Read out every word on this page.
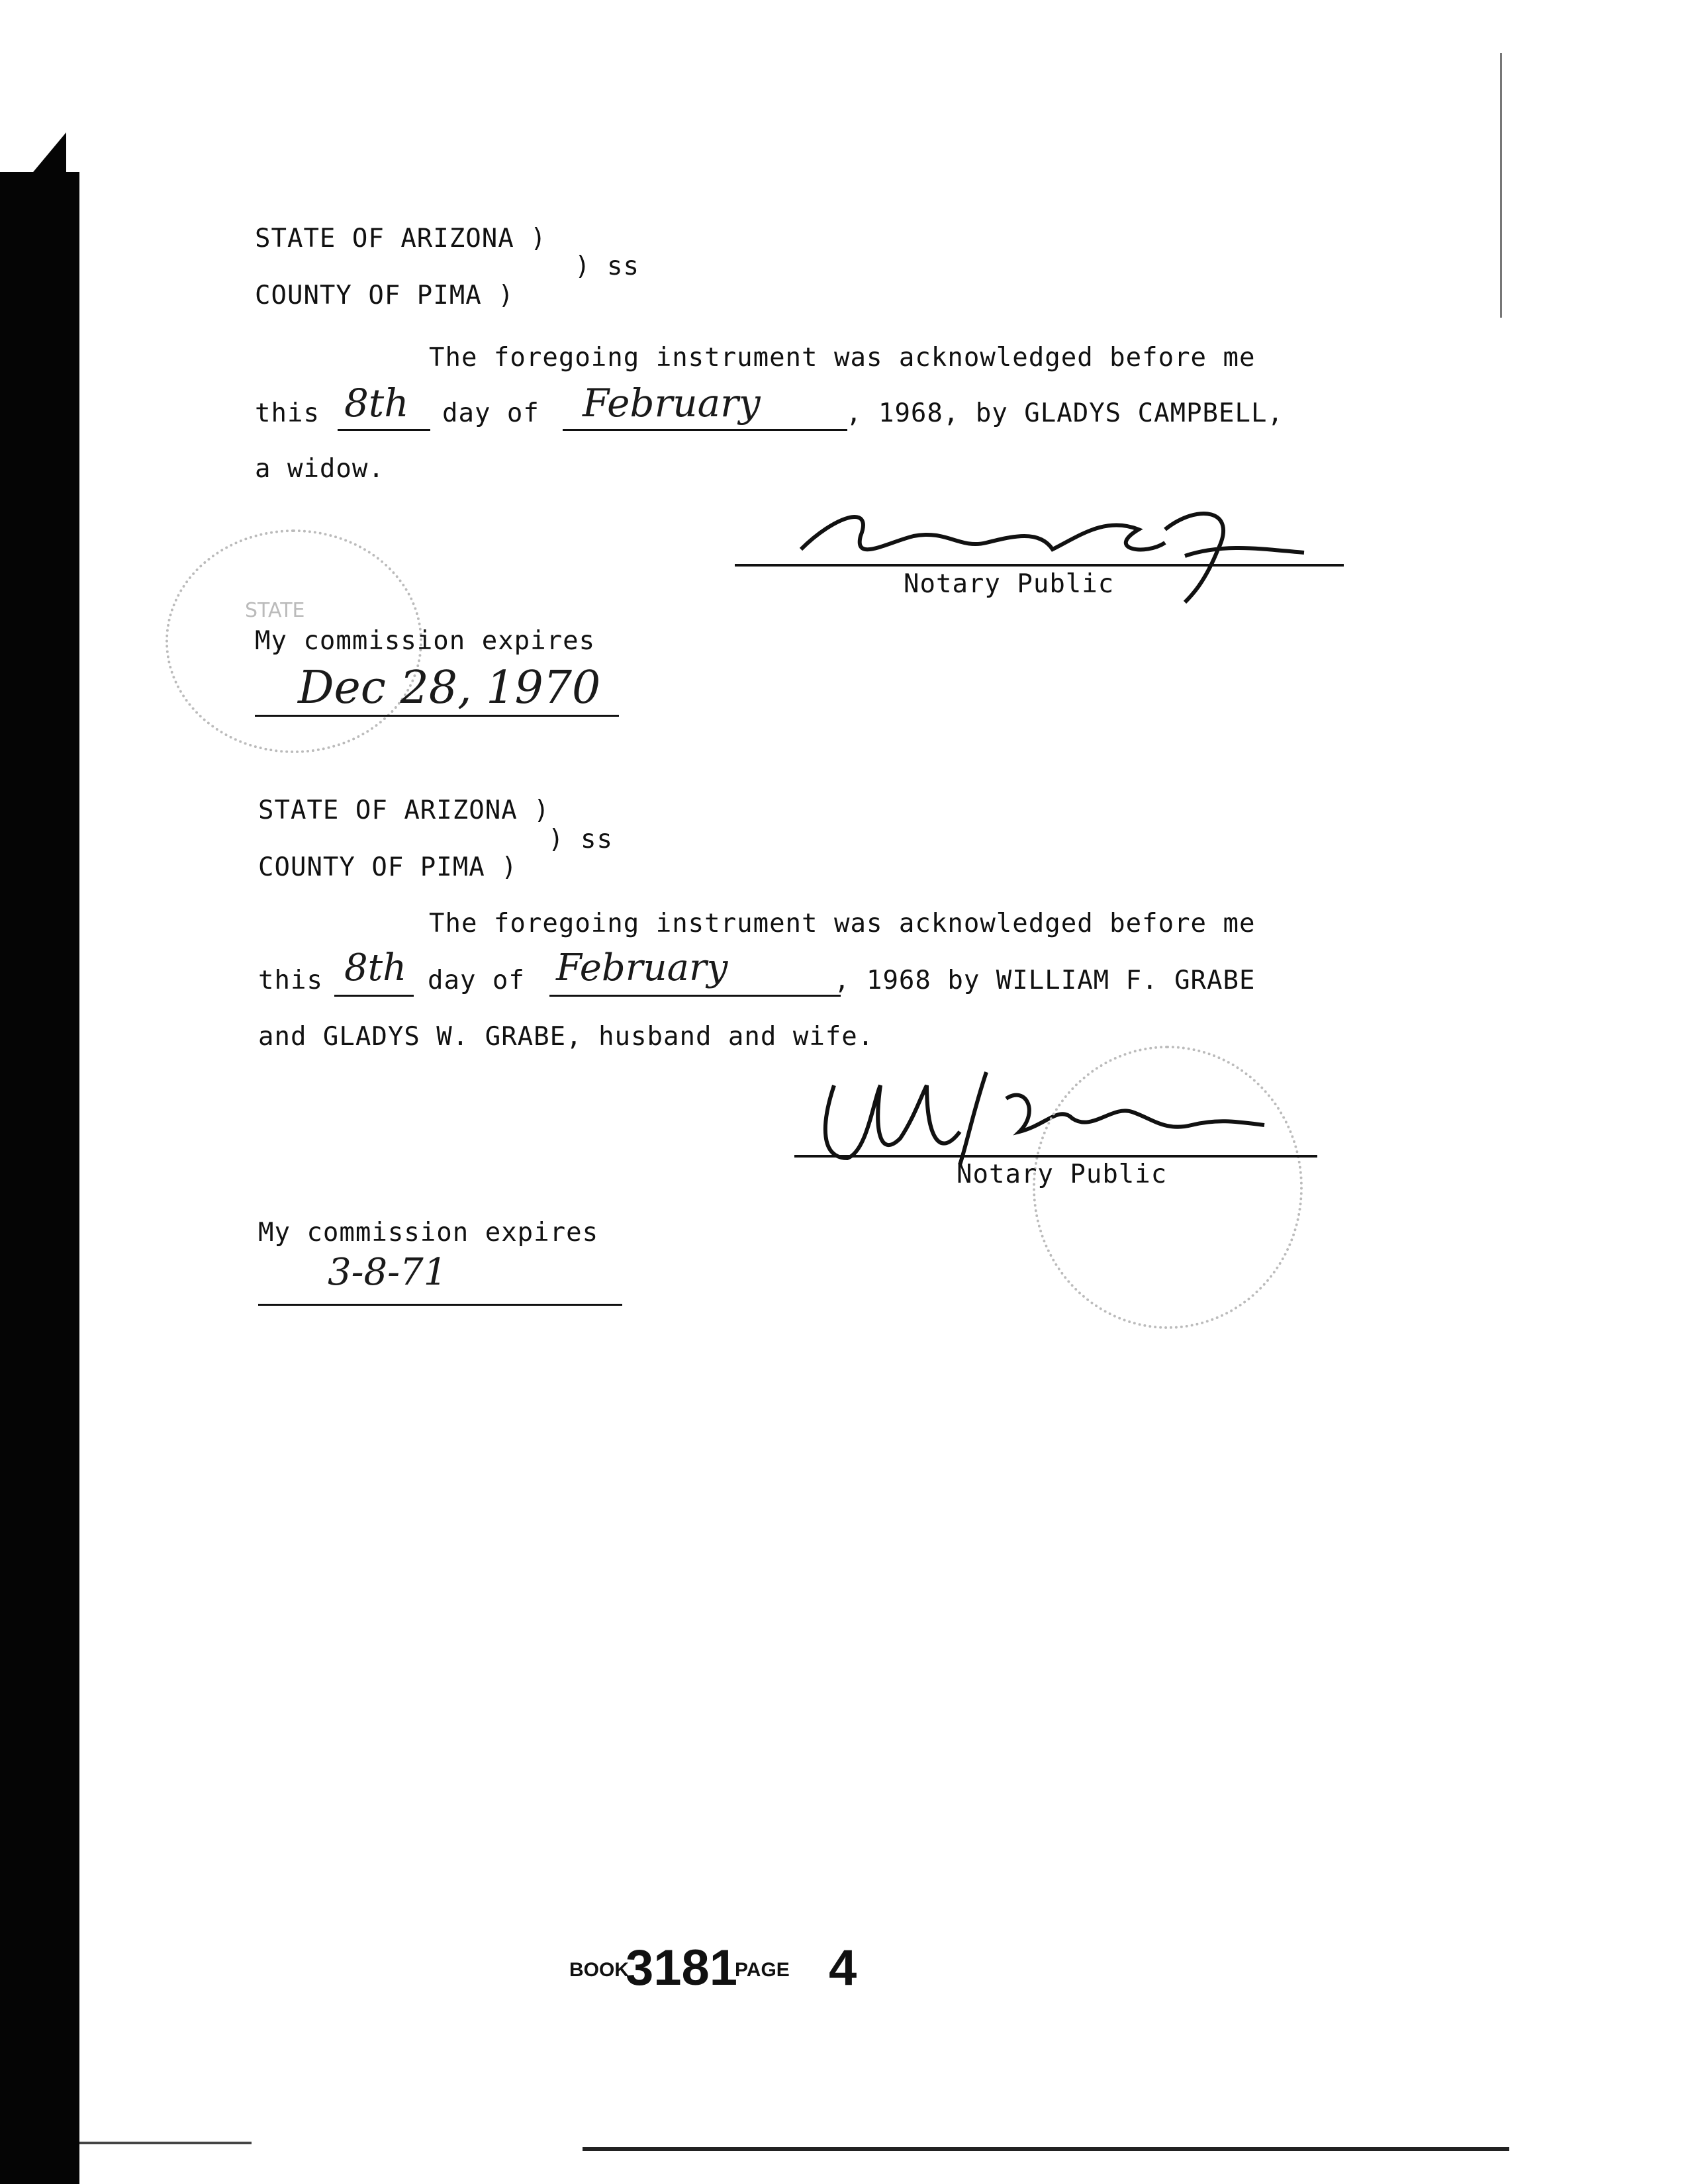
STATE OF ARIZONA )
) ss
COUNTY OF PIMA )
The foregoing instrument was acknowledged before me
this 8th day of February	, 1968, by GLADYS CAMPBELL,
a widow.
Notary Public
STATE
My commission expires
Dec 28, 1970
STATE OF ARIZONA )
) ss
COUNTY OF PIMA )
The foregoing instrument was acknowledged before me
this 8th day of February	, 1968 by WILLIAM F. GRABE
and GLADYS W. GRABE, husband and wife.
Notary Public
My commission expires
3-8-71
BOOK
3181
PAGE 4
